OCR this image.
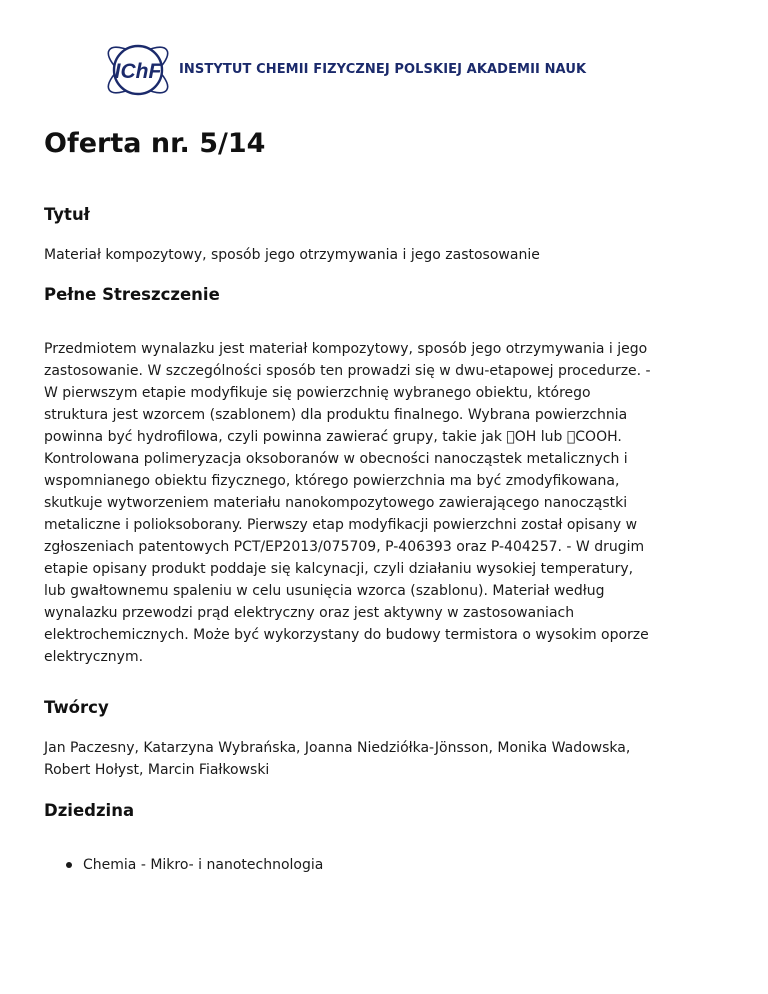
IChF INSTYTUT CHEMII FIZYCZNEJ POLSKIEJ AKADEMII NAUK
Oferta nr. 5/14
Tytuł

Materiał kompozytowy, sposób jego otrzymywania i jego zastosowanie

Pełne Streszczenie
Przedmiotem wynalazku jest materiał kompozytowy, sposób jego otrzymywania i jego
zastosowanie. W szczególności sposób ten prowadzi się w dwu-etapowej procedurze. -
W pierwszym etapie modyfikuje się powierzchnię wybranego obiektu, którego
struktura jest wzorcem (szablonem) dla produktu finalnego. Wybrana powierzchnia
powinna być hydrofilowa, czyli powinna zawierać grupy, takie jak ￿OH lub ￿COOH.
Kontrolowana polimeryzacja oksoboranów w obecności nanocząstek metalicznych i
wspomnianego obiektu fizycznego, którego powierzchnia ma być zmodyfikowana,
skutkuje wytworzeniem materiału nanokompozytowego zawierającego nanocząstki
metaliczne i polioksoborany. Pierwszy etap modyfikacji powierzchni został opisany w
zgłoszeniach patentowych PCT/EP2013/075709, P-406393 oraz P-404257. - W drugim
etapie opisany produkt poddaje się kalcynacji, czyli działaniu wysokiej temperatury,
lub gwałtownemu spaleniu w celu usunięcia wzorca (szablonu). Materiał według
wynalazku przewodzi prąd elektryczny oraz jest aktywny w zastosowaniach
elektrochemicznych. Może być wykorzystany do budowy termistora o wysokim oporze
elektrycznym.
Twórcy
Jan Paczesny, Katarzyna Wybrańska, Joanna Niedziółka-Jönsson, Monika Wadowska,
Robert Hołyst, Marcin Fiałkowski
Dziedzina
Chemia - Mikro- i nanotechnologia
